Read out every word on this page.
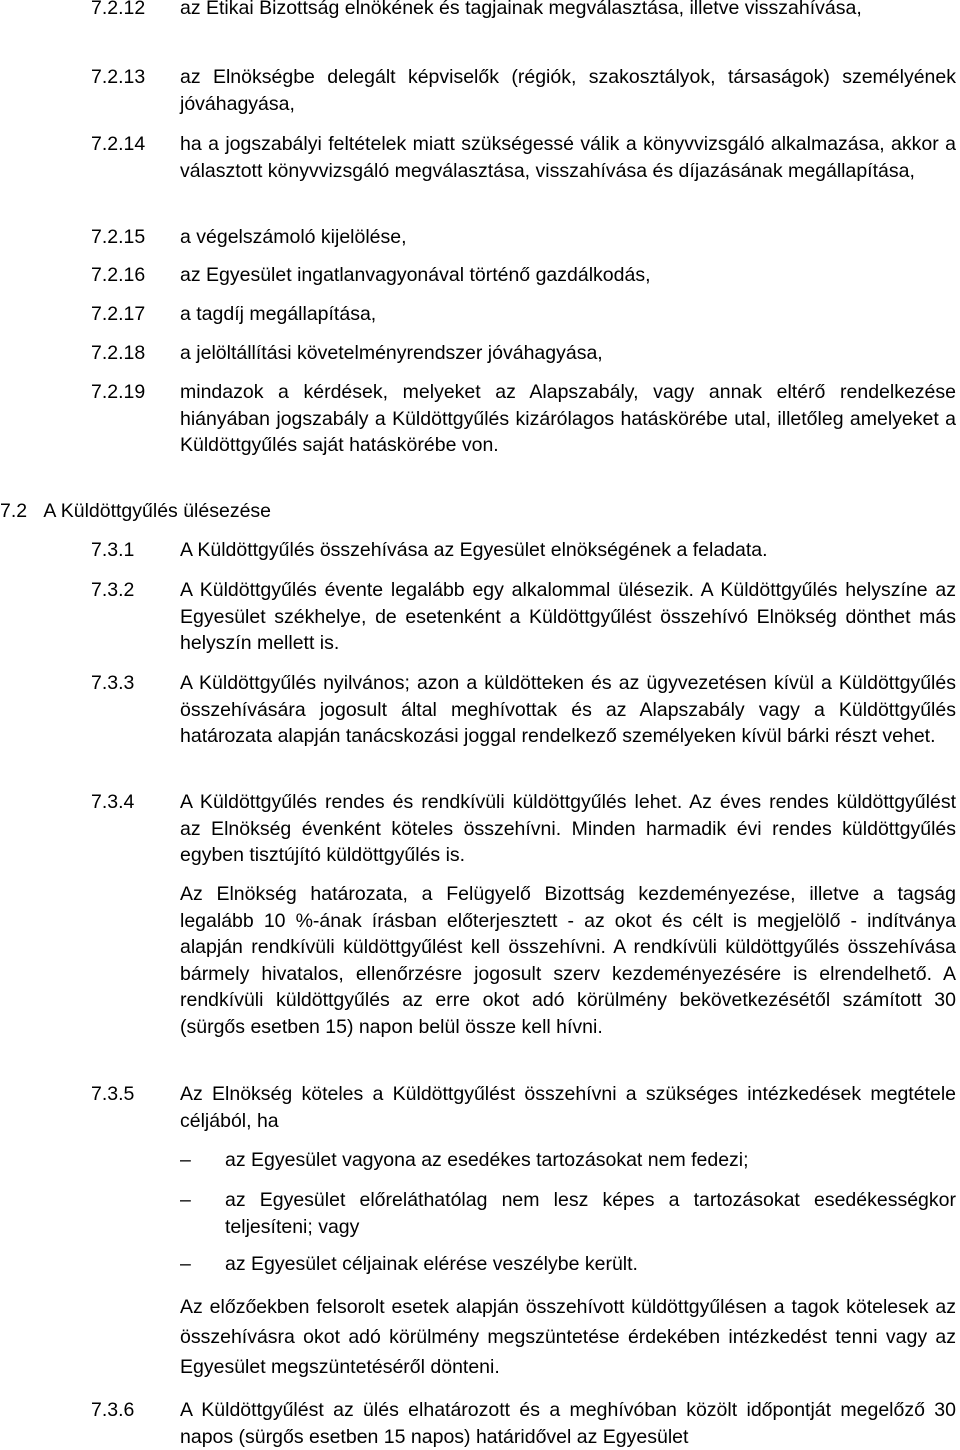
7.2.12	az Etikai Bizottság elnökének és tagjainak megválasztása, illetve visszahívása,
7.2.13	az Elnökségbe delegált képviselők (régiók, szakosztályok, társaságok) személyének jóváhagyása,
7.2.14	ha a jogszabályi feltételek miatt szükségessé válik a könyvvizsgáló alkalmazása, akkor a választott könyvvizsgáló megválasztása, visszahívása és díjazásának megállapítása,
7.2.15	a végelszámoló kijelölése,
7.2.16	az Egyesület ingatlanvagyonával történő gazdálkodás,
7.2.17	a tagdíj megállapítása,
7.2.18	a jelöltállítási követelményrendszer jóváhagyása,
7.2.19	mindazok a kérdések, melyeket az Alapszabály, vagy annak eltérő rendelkezése hiányában jogszabály a Küldöttgyűlés kizárólagos hatáskörébe utal, illetőleg amelyeket a Küldöttgyűlés saját hatáskörébe von.
7.2 A Küldöttgyűlés ülésezése
7.3.1	A Küldöttgyűlés összehívása az Egyesület elnökségének a feladata.
7.3.2	A Küldöttgyűlés évente legalább egy alkalommal ülésezik. A Küldöttgyűlés helyszíne az Egyesület székhelye, de esetenként a Küldöttgyűlést összehívó Elnökség dönthet más helyszín mellett is.
7.3.3	A Küldöttgyűlés nyilvános; azon a küldötteken és az ügyvezetésen kívül a Küldöttgyűlés összehívására jogosult által meghívottak és az Alapszabály vagy a Küldöttgyűlés határozata alapján tanácskozási joggal rendelkező személyeken kívül bárki részt vehet.
7.3.4	A Küldöttgyűlés rendes és rendkívüli küldöttgyűlés lehet. Az éves rendes küldöttgyűlést az Elnökség évenként köteles összehívni. Minden harmadik évi rendes küldöttgyűlés egyben tisztújító küldöttgyűlés is.
Az Elnökség határozata, a Felügyelő Bizottság kezdeményezése, illetve a tagság legalább 10 %-ának írásban előterjesztett - az okot és célt is megjelölő - indítványa alapján rendkívüli küldöttgyűlést kell összehívni. A rendkívüli küldöttgyűlés összehívása bármely hivatalos, ellenőrzésre jogosult szerv kezdeményezésére is elrendelhető. A rendkívüli küldöttgyűlés az erre okot adó körülmény bekövetkezésétől számított 30 (sürgős esetben 15) napon belül össze kell hívni.
7.3.5	Az Elnökség köteles a Küldöttgyűlést összehívni a szükséges intézkedések megtétele céljából, ha
–	az Egyesület vagyona az esedékes tartozásokat nem fedezi;
–	az Egyesület előreláthatólag nem lesz képes a tartozásokat esedékességkor teljesíteni; vagy
–	az Egyesület céljainak elérése veszélybe került.
Az előzőekben felsorolt esetek alapján összehívott küldöttgyűlésen a tagok kötelesek az összehívásra okot adó körülmény megszüntetése érdekében intézkedést tenni vagy az Egyesület megszüntetéséről dönteni.
7.3.6	A Küldöttgyűlést az ülés elhatározott és a meghívóban közölt időpontját megelőző 30 napos (sürgős esetben 15 napos) határidővel az Egyesület
